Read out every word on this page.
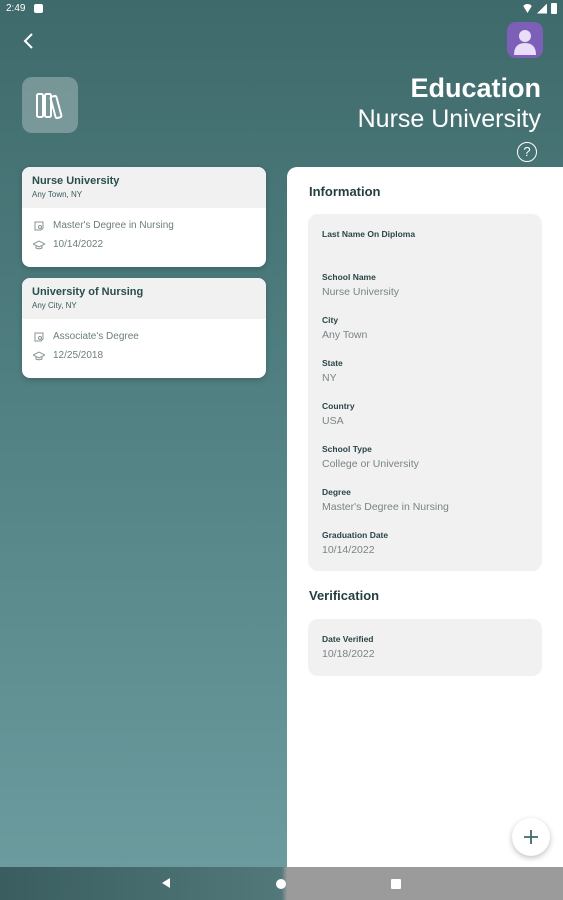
2:49
Education
Nurse University
?
Nurse University
Any Town, NY
Master's Degree in Nursing
10/14/2022
University of Nursing
Any City, NY
Associate's Degree
12/25/2018
Information
Last Name On Diploma
School Name
Nurse University
City
Any Town
State
NY
Country
USA
School Type
College or University
Degree
Master's Degree in Nursing
Graduation Date
10/14/2022
Verification
Date Verified
10/18/2022
